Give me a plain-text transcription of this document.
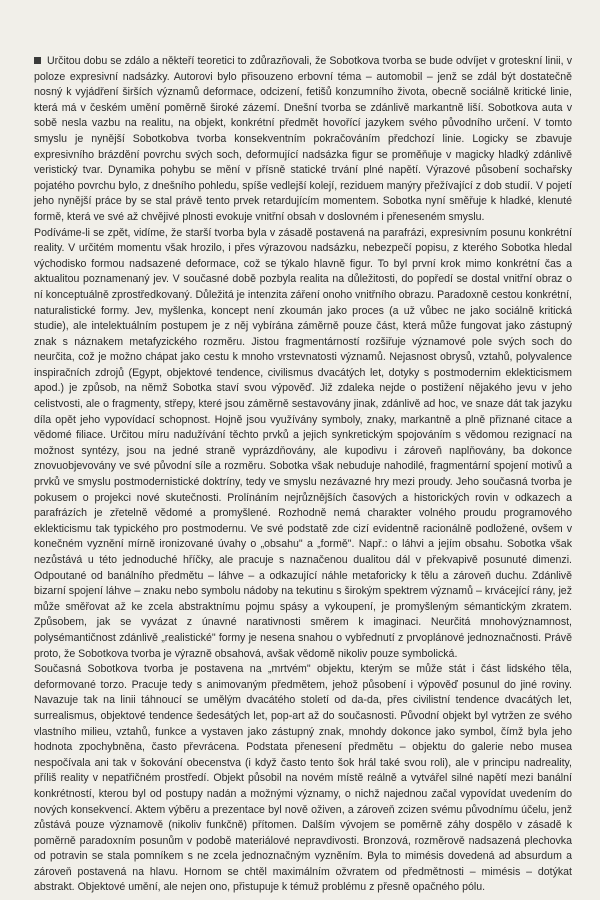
Určitou dobu se zdálo a někteří teoretici to zdůrazňovali, že Sobotkova tvorba se bude odvíjet v groteskní linii, v poloze expresivní nadsázky. Autorovi bylo přisouzeno erbovní téma – automobil – jenž se zdál být dostatečně nosný k vyjádření širších významů deformace, odcizení, fetišů konzumního života, obecně sociálně kritické linie, která má v českém umění poměrně široké zázemí. Dnešní tvorba se zdánlivě markantně liší. Sobotkova auta v sobě nesla vazbu na realitu, na objekt, konkrétní předmět hovořící jazykem svého původního určení. V tomto smyslu je nynější Sobotkobva tvorba konsekventním pokračováním předchozí linie. Logicky se zbavuje expresivního brázdění povrchu svých soch, deformující nadsázka figur se proměňuje v magicky hladký zdánlivě veristický tvar. Dynamika pohybu se mění v přísně statické trvání plné napětí. Výrazové působení sochařsky pojatého povrchu bylo, z dnešního pohledu, spíše vedlejší kolejí, reziduem manýry přežívající z dob studií. V pojetí jeho nynější práce by se stal právě tento prvek retardujícím momentem. Sobotka nyní směřuje k hladké, klenuté formě, která ve své až chvějivé plnosti evokuje vnitřní obsah v doslovném i přeneseném smyslu.

Podíváme-li se zpět, vidíme, že starší tvorba byla v zásadě postavená na parafrázi, expresivním posunu konkrétní reality. V určitém momentu však hrozilo, i přes výrazovou nadsázku, nebezpečí popisu, z kterého Sobotka hledal východisko formou nadsazené deformace, což se týkalo hlavně figur. To byl první krok mimo konkrétní čas a aktualitou poznamenaný jev. V současné době pozbyla realita na důležitosti, do popředí se dostal vnitřní obraz o ní konceptuálně zprostředkovaný. Důležitá je intenzita záření onoho vnitřního obrazu. Paradoxně cestou konkrétní, naturalistické formy. Jev, myšlenka, koncept není zkoumán jako proces (a už vůbec ne jako sociálně kritická studie), ale intelektuálním postupem je z něj vybírána záměrně pouze část, která může fungovat jako zástupný znak s náznakem metafyzického rozměru. Jistou fragmentárností rozšiřuje významové pole svých soch do neurčita, což je možno chápat jako cestu k mnoho vrstevnatosti významů. Nejasnost obrysů, vztahů, polyvalence inspiračních zdrojů (Egypt, objektové tendence, civilismus dvacátých let, dotyky s postmodernim eklekticismem apod.) je způsob, na němž Sobotka staví svou výpověď. Již zdaleka nejde o postižení nějakého jevu v jeho celistvosti, ale o fragmenty, střepy, které jsou záměrně sestavovány jinak, zdánlivě ad hoc, ve snaze dát tak jazyku díla opět jeho vypovídací schopnost. Hojně jsou využívány symboly, znaky, markantně a plně přiznané citace a vědomé filiace. Určitou míru nadužívání těchto prvků a jejich synkretickým spojováním s vědomou rezignací na možnost syntézy, jsou na jedné straně vyprázdňovány, ale kupodivu i zároveň naplňovány, ba dokonce znovuobjevovány ve své původní síle a rozměru. Sobotka však nebuduje nahodilé, fragmentární spojení motivů a prvků ve smyslu postmodernistické doktríny, tedy ve smyslu nezávazné hry mezi proudy. Jeho současná tvorba je pokusem o projekci nové skutečnosti. Prolínáním nejrůznějších časových a historických rovin v odkazech a parafrázích je zřetelně vědomé a promyšlené. Rozhodně nemá charakter volného proudu programového eklekticismu tak typického pro postmodernu. Ve své podstatě zde cizí evidentně racionálně podložené, ovšem v konečném vyznění mírně ironizované úvahy o „obsahu" a „formě". Např.: o láhvi a jejím obsahu. Sobotka však nezůstává u této jednoduché hříčky, ale pracuje s naznačenou dualitou dál v překvapivě posunuté dimenzi. Odpoutané od banálního předmětu – láhve – a odkazující náhle metaforicky k tělu a zároveň duchu. Zdánlivě bizarní spojení láhve – znaku nebo symbolu nádoby na tekutinu s širokým spektrem významů – krvácející rány, jež může směřovat až ke zcela abstraktnímu pojmu spásy a vykoupení, je promyšleným sémantickým zkratem. Způsobem, jak se vyvázat z únavné narativnosti směrem k imaginaci. Neurčitá mnohovýznamnost, polysémantičnost zdánlivě „realistické" formy je nesena snahou o vybřednutí z prvoplánové jednoznačnosti. Právě proto, že Sobotkova tvorba je výrazně obsahová, avšak vědomě nikoliv pouze symbolická.

Současná Sobotkova tvorba je postavena na „mrtvém" objektu, kterým se může stát i část lidského těla, deformované torzo. Pracuje tedy s animovaným předmětem, jehož působení i výpověď posunul do jiné roviny. Navazuje tak na linii táhnoucí se umělým dvacátého století od da-da, přes civilistní tendence dvacátých let, surrealismus, objektové tendence šedesátých let, pop-art až do současnosti. Původní objekt byl vytržen ze svého vlastního milieu, vztahů, funkce a vystaven jako zástupný znak, mnohdy dokonce jako symbol, čímž byla jeho hodnota zpochybněna, často převrácena. Podstata přenesení předmětu – objektu do galerie nebo musea nespočívala ani tak v šokování obecenstva (i když často tento šok hrál také svou roli), ale v principu nadreality, příliš reality v nepatřičném prostředí. Objekt působil na novém místě reálně a vytvářel silné napětí mezi banální konkrétností, kterou byl od postupy nadán a možnými významy, o nichž najednou začal vypovídat uvedením do nových konsekvencí. Aktem výběru a prezentace byl nově oživen, a zároveň zcizen svému původnímu účelu, jenž zůstává pouze významově (nikoliv funkčně) přítomen. Dalším vývojem se poměrně záhy dospělo v zásadě k poměrně paradoxním posunům v podobě materiálové nepravdivosti. Bronzová, rozměrově nadsazená plechovka od potravin se stala pomníkem s ne zcela jednoznačným vyzněním. Byla to mimésis dovedená ad absurdum a zároveň postavená na hlavu. Hornom se chtěl maximálním ožvratem od předmětnosti – mimésis – dotýkat abstrakt. Objektové umění, ale nejen ono, přistupuje k témuž problému z přesně opačného pólu.
